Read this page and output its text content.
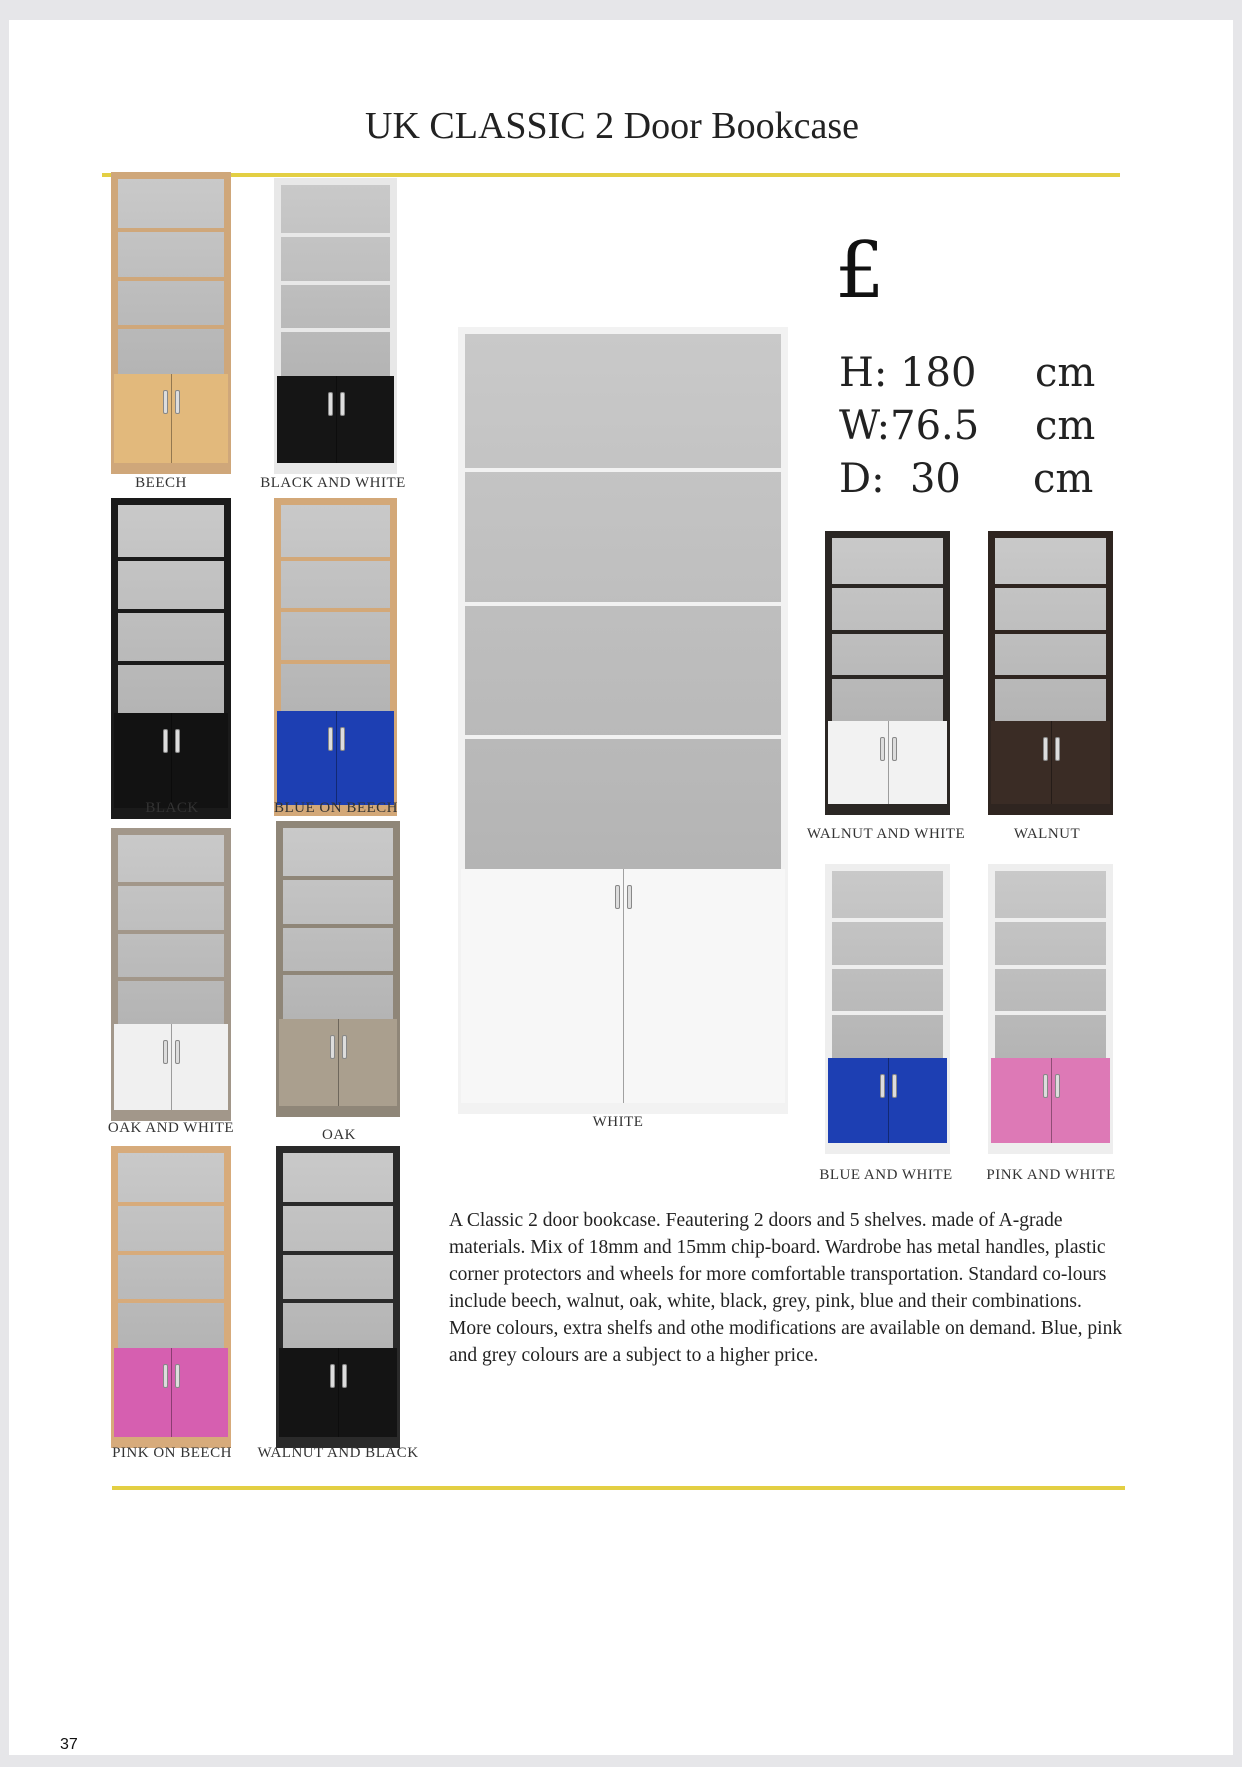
UK CLASSIC 2 Door Bookcase
BEECH	BLACK AND WHITE
BLACK	BLUE ON BEECH
OAK AND WHITE	OAK
PINK ON BEECH	WALNUT AND BLACK
WHITE
WALNUT AND WHITE	WALNUT
BLUE AND WHITE	PINK AND WHITE
£
H: 180 cm
W:76.5 cm
D:  30 cm
A Classic 2 door bookcase. Feautering 2 doors and 5 shelves. made of A-grade materials. Mix of 18mm and 15mm chip-board. Wardrobe has metal handles, plastic corner protectors and wheels for more comfortable transportation. Standard co-lours include beech, walnut, oak, white, black, grey, pink, blue and their combinations. More colours, extra shelfs and othe modifications are available on demand. Blue, pink and grey colours are a subject to a higher price.
37
